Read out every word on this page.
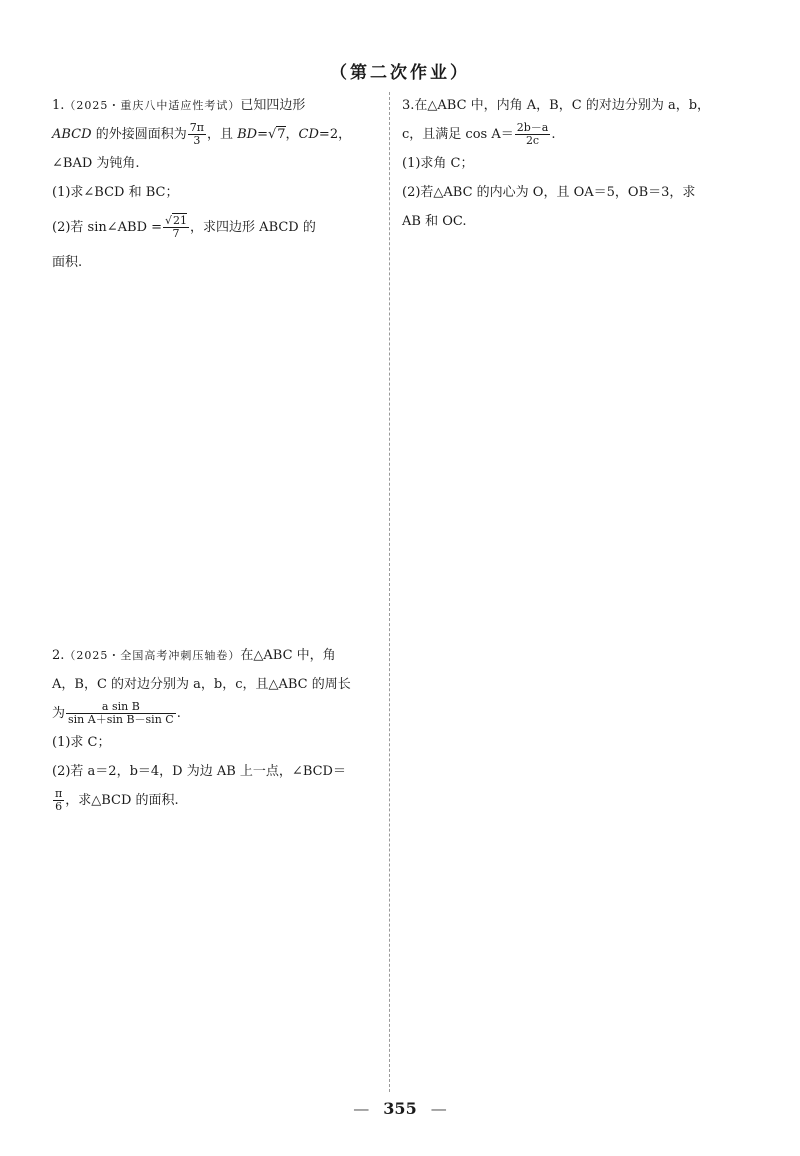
（第二次作业）
1.（2025・重庆八中适应性考试）已知四边形
ABCD 的外接圆面积为 $\frac{7\pi}{3}$ ，且 BD=√7，CD=2，
∠BAD 为钝角.
(1)求∠BCD 和 BC；
(2)若 sin∠ABD = $\frac{√21}{7}$ ，求四边形 ABCD 的
面积.
2.（2025・全国高考冲刺压轴卷）在△ABC 中，角
A，B，C 的对边分别为 a，b，c，且△ABC 的周长
为 $\frac{\text{a sin B}}{\text{sin A＋sin B－sin C}}$ .
(1)求 C；
(2)若 a＝2，b＝4，D 为边 AB 上一点，∠BCD＝
$\frac{\pi}{6}$ ，求△BCD 的面积.
3.在△ABC 中，内角 A，B，C 的对边分别为 a，b，
c，且满足 $\cos A= \frac{2b-a}{2c}$ .
(1)求角 C；
(2)若△ABC 的内心为 O，且 OA＝5，OB＝3，求
AB 和 OC.
— 355 —
